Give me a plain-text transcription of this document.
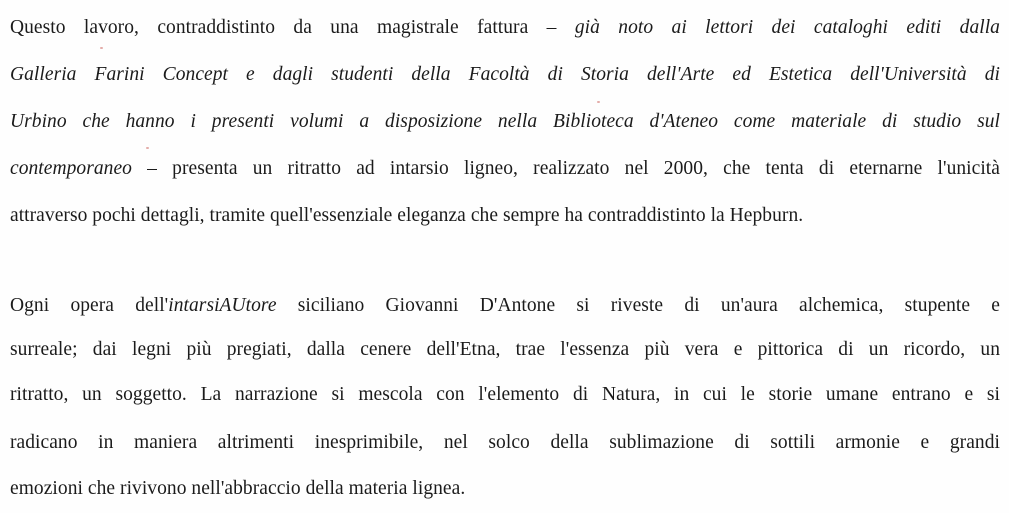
Questo lavoro, contraddistinto da una magistrale fattura – già noto ai lettori dei cataloghi editi dalla
Galleria Farini Concept e dagli studenti della Facoltà di Storia dell'Arte ed Estetica dell'Università di
Urbino che hanno i presenti volumi a disposizione nella Biblioteca d'Ateneo come materiale di studio sul
contemporaneo – presenta un ritratto ad intarsio ligneo, realizzato nel 2000, che tenta di eternarne l'unicità
attraverso pochi dettagli, tramite quell'essenziale eleganza che sempre ha contraddistinto la Hepburn.
Ogni opera dell'intarsiAUtore siciliano Giovanni D'Antone si riveste di un'aura alchemica, stupente e
surreale; dai legni più pregiati, dalla cenere dell'Etna, trae l'essenza più vera e pittorica di un ricordo, un
ritratto, un soggetto. La narrazione si mescola con l'elemento di Natura, in cui le storie umane entrano e si
radicano in maniera altrimenti inesprimibile, nel solco della sublimazione di sottili armonie e grandi
emozioni che rivivono nell'abbraccio della materia lignea.
